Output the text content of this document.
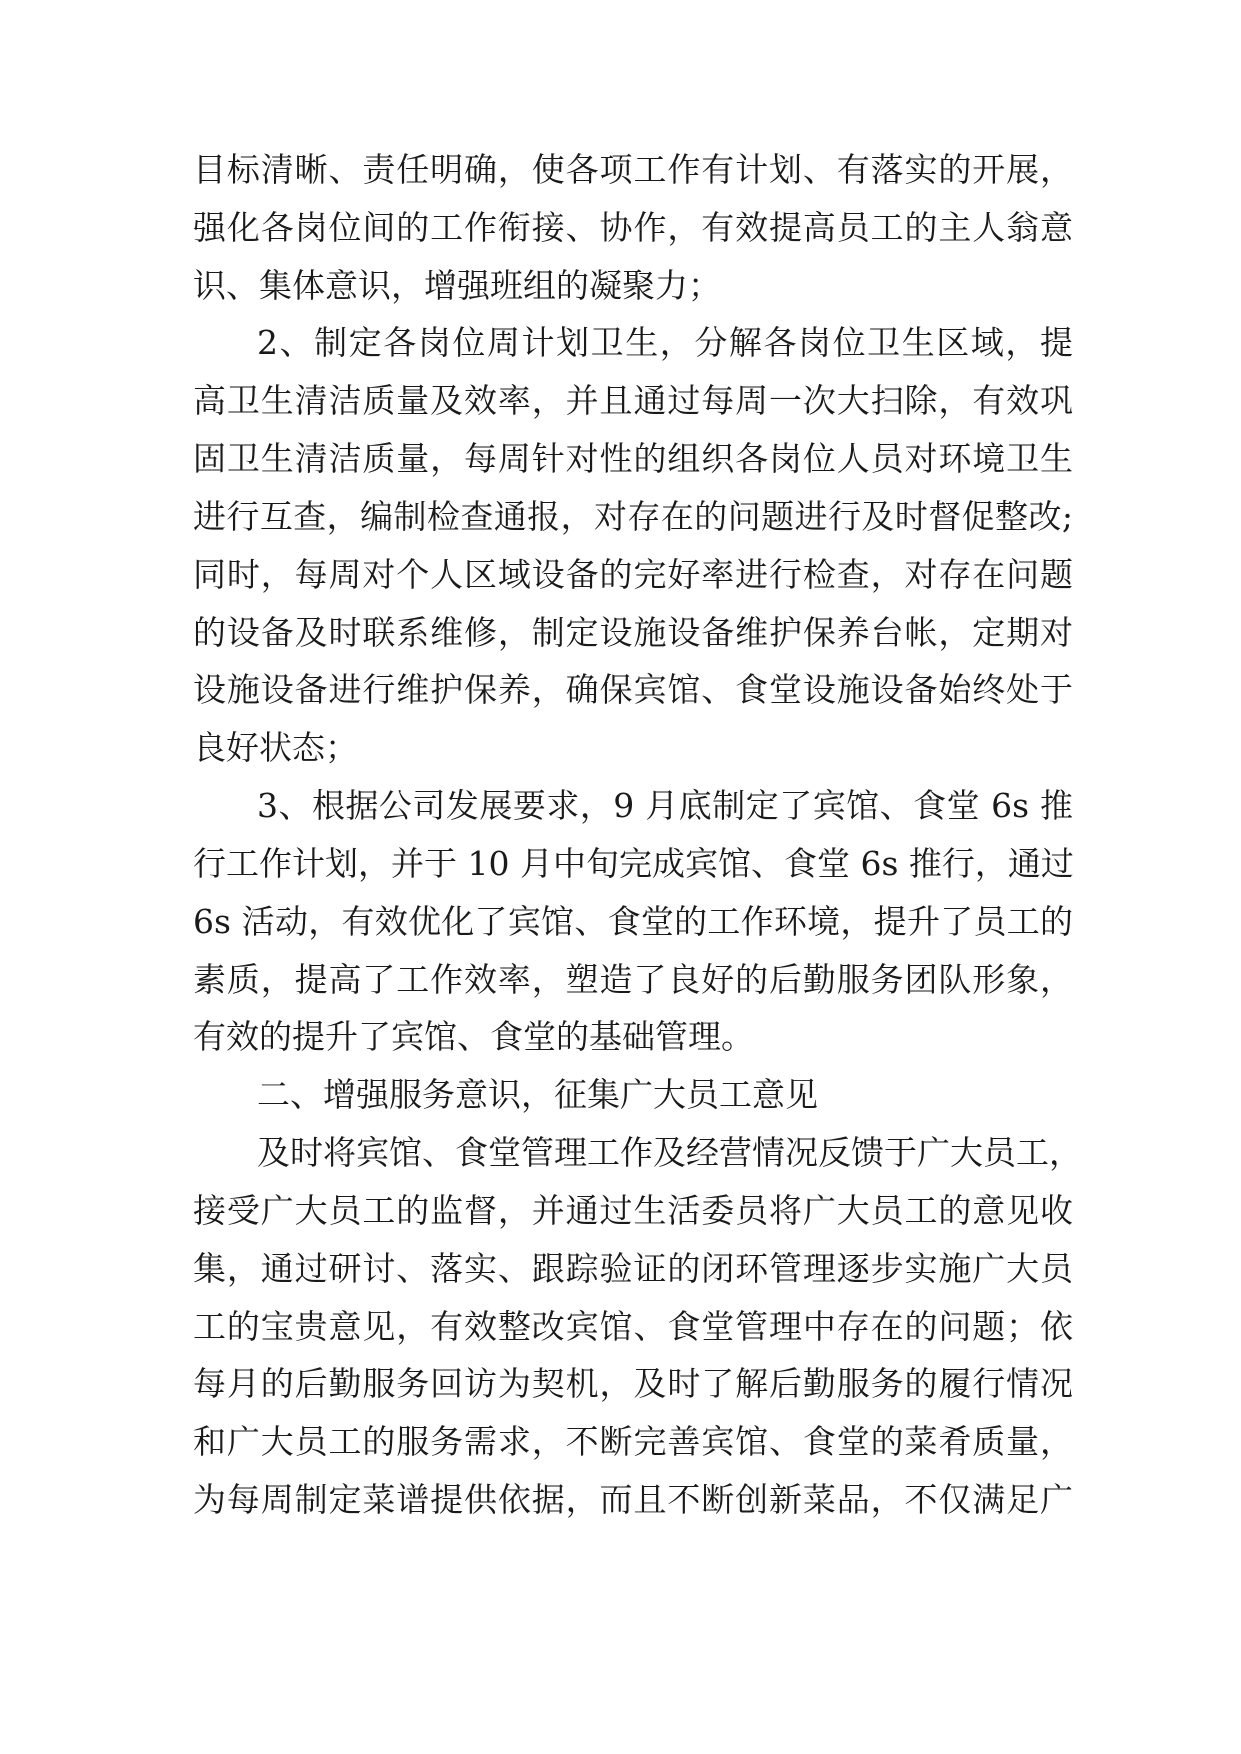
目标清晰、责任明确，使各项工作有计划、有落实的开展，
强化各岗位间的工作衔接、协作，有效提高员工的主人翁意
识、集体意识，增强班组的凝聚力；
2、制定各岗位周计划卫生，分解各岗位卫生区域，提
高卫生清洁质量及效率，并且通过每周一次大扫除，有效巩
固卫生清洁质量，每周针对性的组织各岗位人员对环境卫生
进行互查，编制检查通报，对存在的问题进行及时督促整改;
同时，每周对个人区域设备的完好率进行检查，对存在问题
的设备及时联系维修，制定设施设备维护保养台帐，定期对
设施设备进行维护保养，确保宾馆、食堂设施设备始终处于
良好状态；
3、根据公司发展要求，9 月底制定了宾馆、食堂 6s 推
行工作计划，并于 10 月中旬完成宾馆、食堂 6s 推行，通过
6s 活动，有效优化了宾馆、食堂的工作环境，提升了员工的
素质，提高了工作效率，塑造了良好的后勤服务团队形象，
有效的提升了宾馆、食堂的基础管理。
二、增强服务意识，征集广大员工意见
及时将宾馆、食堂管理工作及经营情况反馈于广大员工，
接受广大员工的监督，并通过生活委员将广大员工的意见收
集，通过研讨、落实、跟踪验证的闭环管理逐步实施广大员
工的宝贵意见，有效整改宾馆、食堂管理中存在的问题；依
每月的后勤服务回访为契机，及时了解后勤服务的履行情况
和广大员工的服务需求，不断完善宾馆、食堂的菜肴质量，
为每周制定菜谱提供依据，而且不断创新菜品，不仅满足广
